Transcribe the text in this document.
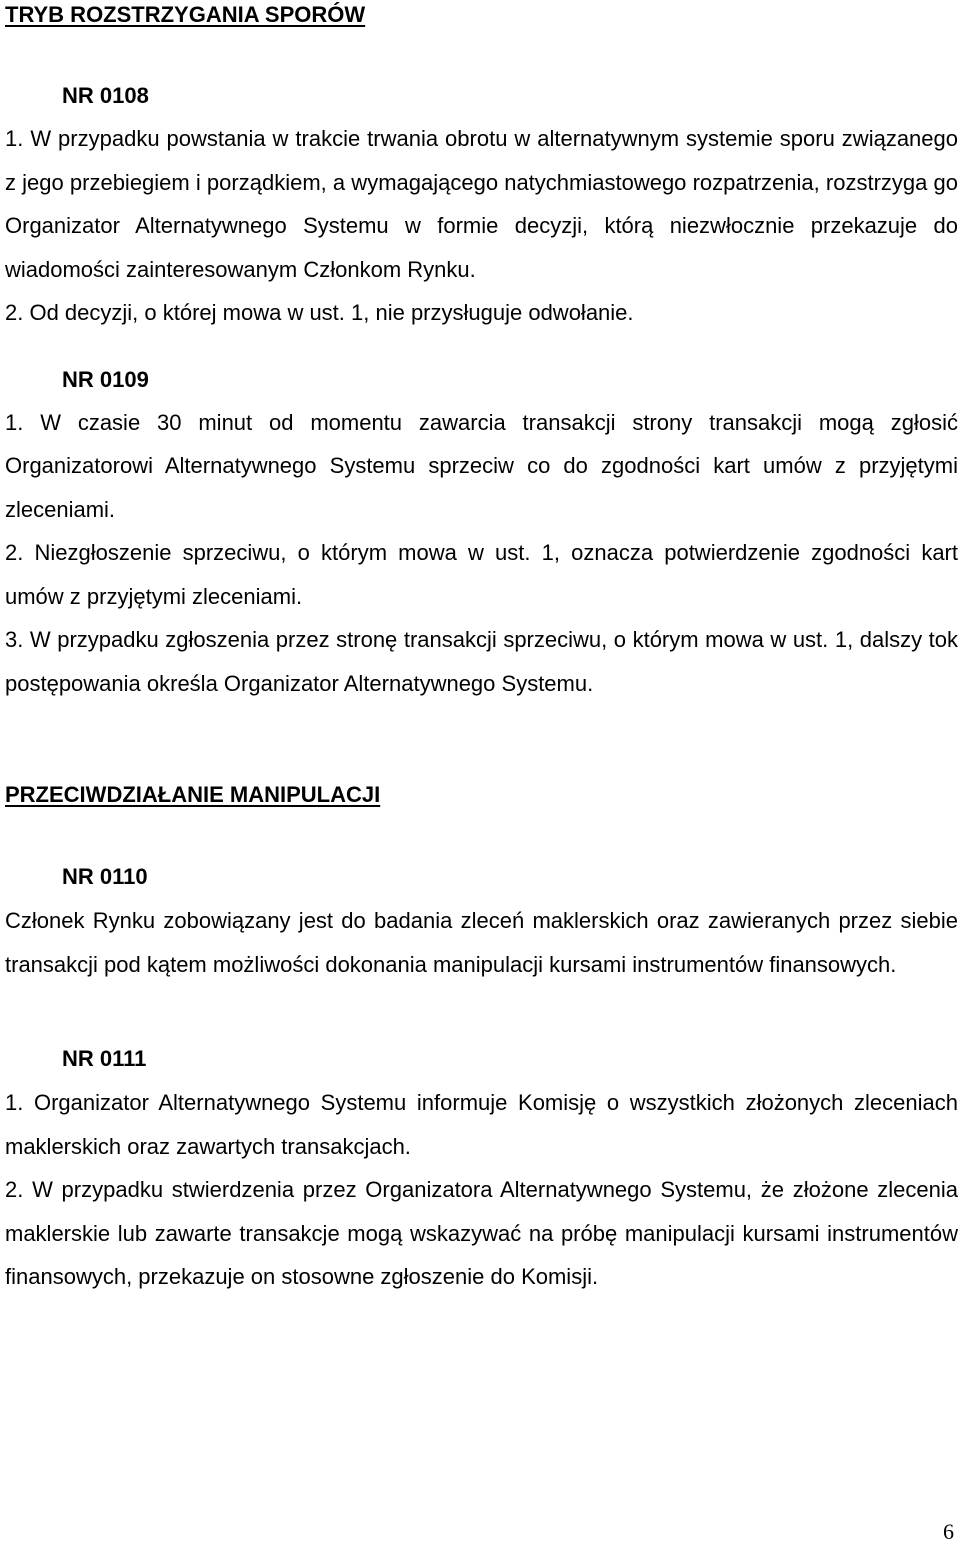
TRYB ROZSTRZYGANIA SPORÓW

NR 0108

1. W przypadku powstania w trakcie trwania obrotu w alternatywnym systemie sporu związanego z jego przebiegiem i porządkiem, a wymagającego natychmiastowego rozpatrzenia, rozstrzyga go Organizator Alternatywnego Systemu w formie decyzji, którą niezwłocznie przekazuje do wiadomości zainteresowanym Członkom Rynku.

2. Od decyzji, o której mowa w ust. 1, nie przysługuje odwołanie.

NR 0109

1. W czasie 30 minut od momentu zawarcia transakcji strony transakcji mogą zgłosić Organizatorowi Alternatywnego Systemu sprzeciw co do zgodności kart umów z przyjętymi zleceniami.

2. Niezgłoszenie sprzeciwu, o którym mowa w ust. 1, oznacza potwierdzenie zgodności kart umów z przyjętymi zleceniami.

3. W przypadku zgłoszenia przez stronę transakcji sprzeciwu, o którym mowa w ust. 1, dalszy tok postępowania określa Organizator Alternatywnego Systemu.

PRZECIWDZIAŁANIE MANIPULACJI

NR 0110

Członek Rynku zobowiązany jest do badania zleceń maklerskich oraz zawieranych przez siebie transakcji pod kątem możliwości dokonania manipulacji kursami instrumentów finansowych.

NR 0111

1. Organizator Alternatywnego Systemu informuje Komisję o wszystkich złożonych zleceniach maklerskich oraz zawartych transakcjach.

2. W przypadku stwierdzenia przez Organizatora Alternatywnego Systemu, że złożone zlecenia maklerskie lub zawarte transakcje mogą wskazywać na próbę manipulacji kursami instrumentów finansowych, przekazuje on stosowne zgłoszenie do Komisji.

6
